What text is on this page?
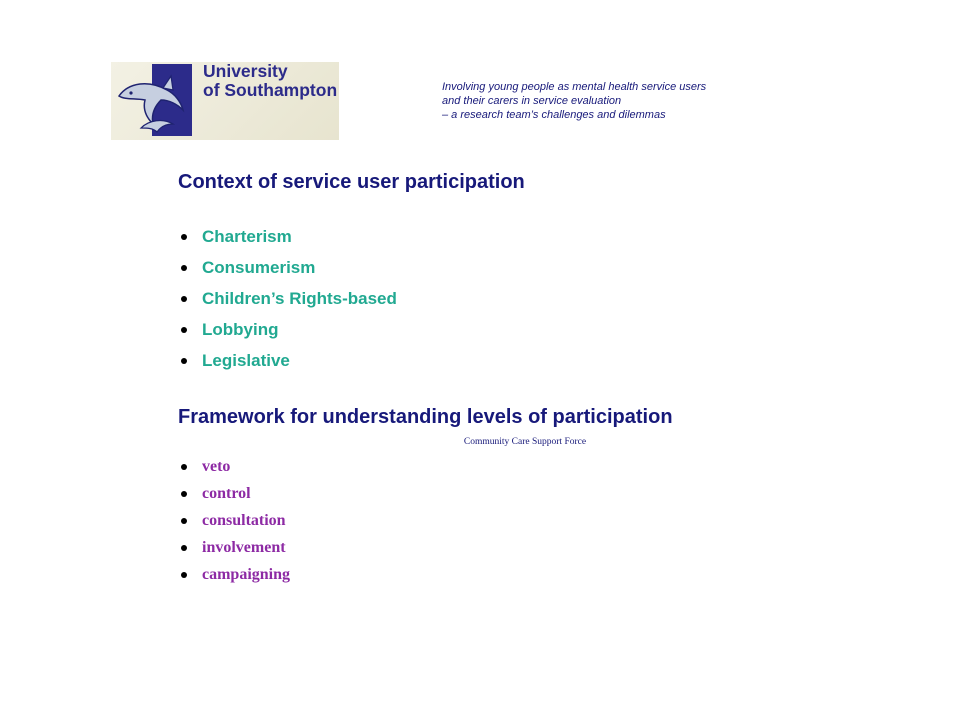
University
of Southampton	Involving young people as mental health service users
and their carers in service evaluation
– a research team’s challenges and dilemmas
Context of service user participation
Charterism
Consumerism
Children’s Rights-based
Lobbying
Legislative
Framework for understanding levels of participation
Community Care Support Force
veto
control
consultation
involvement
campaigning
